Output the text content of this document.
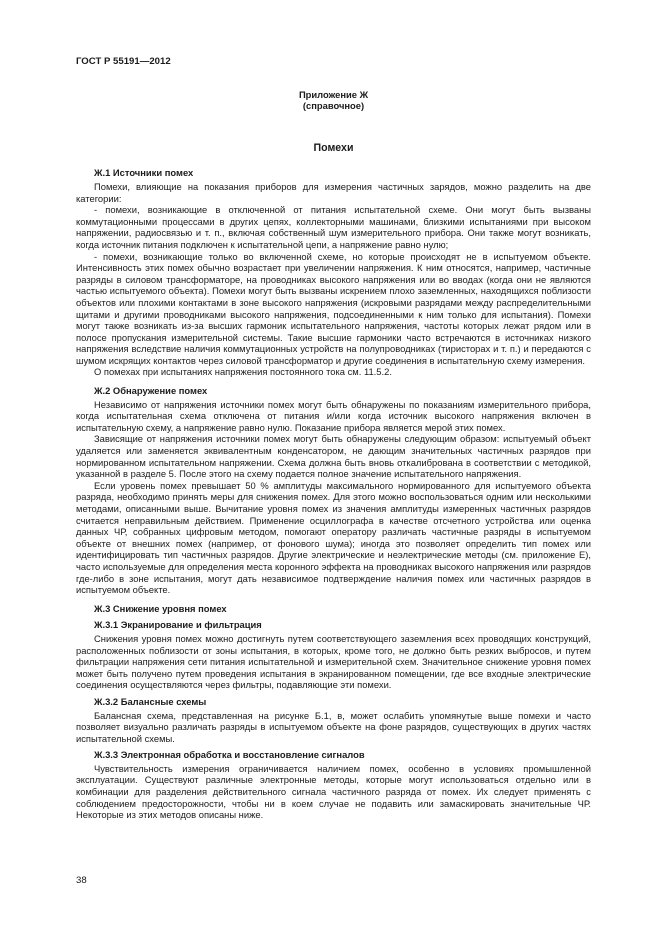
ГОСТ Р 55191—2012
Приложение Ж
(справочное)
Помехи
Ж.1 Источники помех

Помехи, влияющие на показания приборов для измерения частичных зарядов, можно разделить на две категории:

- помехи, возникающие в отключенной от питания испытательной схеме. Они могут быть вызваны коммутационными процессами в других цепях, коллекторными машинами, близкими испытаниями при высоком напряжении, радиосвязью и т. п., включая собственный шум измерительного прибора. Они также могут возникать, когда источник питания подключен к испытательной цепи, а напряжение равно нулю;

- помехи, возникающие только во включенной схеме, но которые происходят не в испытуемом объекте. Интенсивность этих помех обычно возрастает при увеличении напряжения. К ним относятся, например, частичные разряды в силовом трансформаторе, на проводниках высокого напряжения или во вводах (когда они не являются частью испытуемого объекта). Помехи могут быть вызваны искрением плохо заземленных, находящихся поблизости объектов или плохими контактами в зоне высокого напряжения (искровыми разрядами между распределительными щитами и другими проводниками высокого напряжения, подсоединенными к ним только для испытания). Помехи могут также возникать из-за высших гармоник испытательного напряжения, частоты которых лежат рядом или в полосе пропускания измерительной системы. Такие высшие гармоники часто встречаются в источниках низкого напряжения вследствие наличия коммутационных устройств на полупроводниках (тиристорах и т. п.) и передаются с шумом искрящих контактов через силовой трансформатор и другие соединения в испытательную схему измерения.

О помехах при испытаниях напряжения постоянного тока см. 11.5.2.

Ж.2 Обнаружение помех

Независимо от напряжения источники помех могут быть обнаружены по показаниям измерительного прибора, когда испытательная схема отключена от питания и/или когда источник высокого напряжения включен в испытательную схему, а напряжение равно нулю. Показание прибора является мерой этих помех.

Зависящие от напряжения источники помех могут быть обнаружены следующим образом: испытуемый объект удаляется или заменяется эквивалентным конденсатором, не дающим значительных частичных разрядов при нормированном испытательном напряжении. Схема должна быть вновь откалибрована в соответствии с методикой, указанной в разделе 5. После этого на схему подается полное значение испытательного напряжения.

Если уровень помех превышает 50 % амплитуды максимального нормированного для испытуемого объекта разряда, необходимо принять меры для снижения помех. Для этого можно воспользоваться одним или несколькими методами, описанными выше. Вычитание уровня помех из значения амплитуды измеренных частичных разрядов считается неправильным действием. Применение осциллографа в качестве отсчетного устройства или оценка данных ЧР, собранных цифровым методом, помогают оператору различать частичные разряды в испытуемом объекте от внешних помех (например, от фонового шума); иногда это позволяет определить тип помех или идентифицировать тип частичных разрядов. Другие электрические и неэлектрические методы (см. приложение Е), часто используемые для определения места коронного эффекта на проводниках высокого напряжения или разрядов где-либо в зоне испытания, могут дать независимое подтверждение наличия помех или частичных разрядов в испытуемом объекте.

Ж.3 Снижение уровня помех
Ж.3.1 Экранирование и фильтрация

Снижения уровня помех можно достигнуть путем соответствующего заземления всех проводящих конструкций, расположенных поблизости от зоны испытания, в которых, кроме того, не должно быть резких выбросов, и путем фильтрации напряжения сети питания испытательной и измерительной схем. Значительное снижение уровня помех может быть получено путем проведения испытания в экранированном помещении, где все входные электрические соединения осуществляются через фильтры, подавляющие эти помехи.

Ж.3.2 Балансные схемы

Балансная схема, представленная на рисунке Б.1, в, может ослабить упомянутые выше помехи и часто позволяет визуально различать разряды в испытуемом объекте на фоне разрядов, существующих в других частях испытательной схемы.

Ж.3.3 Электронная обработка и восстановление сигналов

Чувствительность измерения ограничивается наличием помех, особенно в условиях промышленной эксплуатации. Существуют различные электронные методы, которые могут использоваться отдельно или в комбинации для разделения действительного сигнала частичного разряда от помех. Их следует применять с соблюдением предосторожности, чтобы ни в коем случае не подавить или замаскировать значительные ЧР. Некоторые из этих методов описаны ниже.

38
